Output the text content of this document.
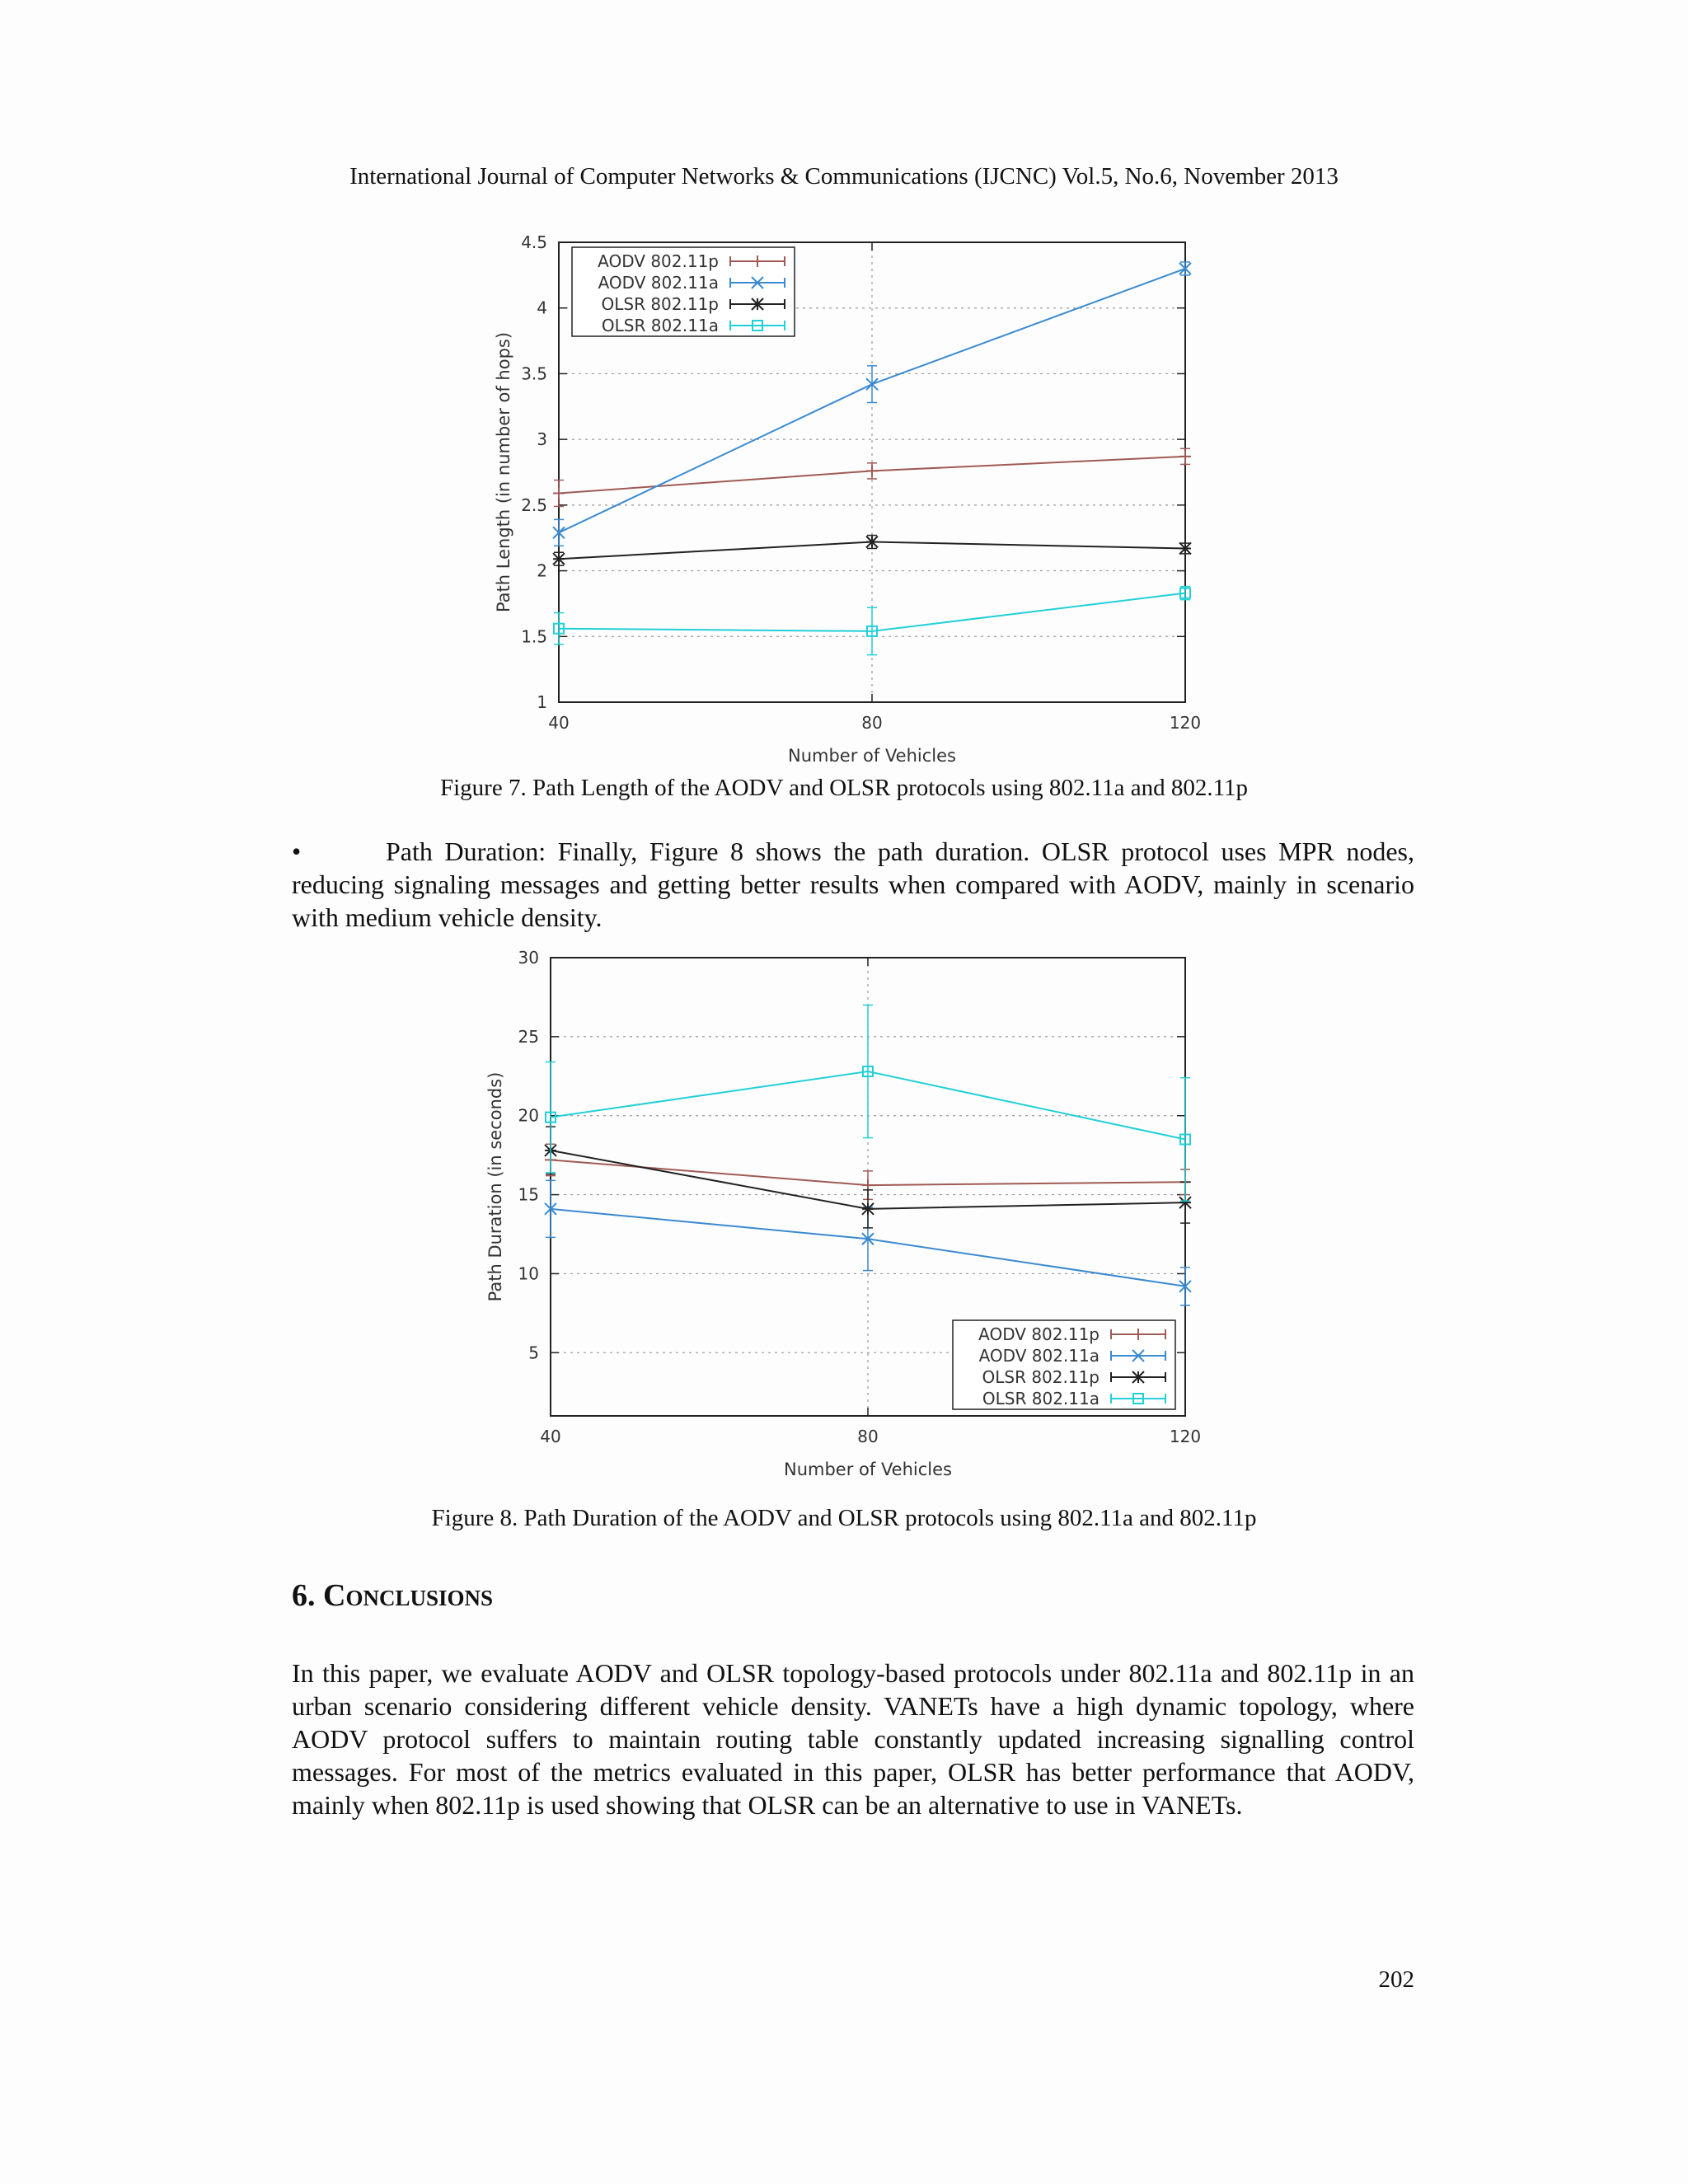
International Journal of Computer Networks & Communications (IJCNC) Vol.5, No.6, November 2013
1
1.5
2
2.5
3
3.5
4
4.5
40	80	120
Number of Vehicles
Path Length (in number of hops)
AODV 802.11p
AODV 802.11a
OLSR 802.11p
OLSR 802.11a
Figure 7. Path Length of the AODV and OLSR protocols using 802.11a and 802.11p
•	Path Duration: Finally, Figure 8 shows the path duration. OLSR protocol uses MPR nodes, reducing signaling messages and getting better results when compared with AODV, mainly in scenario with medium vehicle density.
5
10
15
20
25
30
40	80	120
Number of Vehicles
Path Duration (in seconds)
AODV 802.11p
AODV 802.11a
OLSR 802.11p
OLSR 802.11a
Figure 8. Path Duration of the AODV and OLSR protocols using 802.11a and 802.11p
6. Conclusions
In this paper, we evaluate AODV and OLSR topology-based protocols under 802.11a and 802.11p in an urban scenario considering different vehicle density. VANETs have a high dynamic topology, where AODV protocol suffers to maintain routing table constantly updated increasing signalling control messages. For most of the metrics evaluated in this paper, OLSR has better performance that AODV, mainly when 802.11p is used showing that OLSR can be an alternative to use in VANETs.
202
